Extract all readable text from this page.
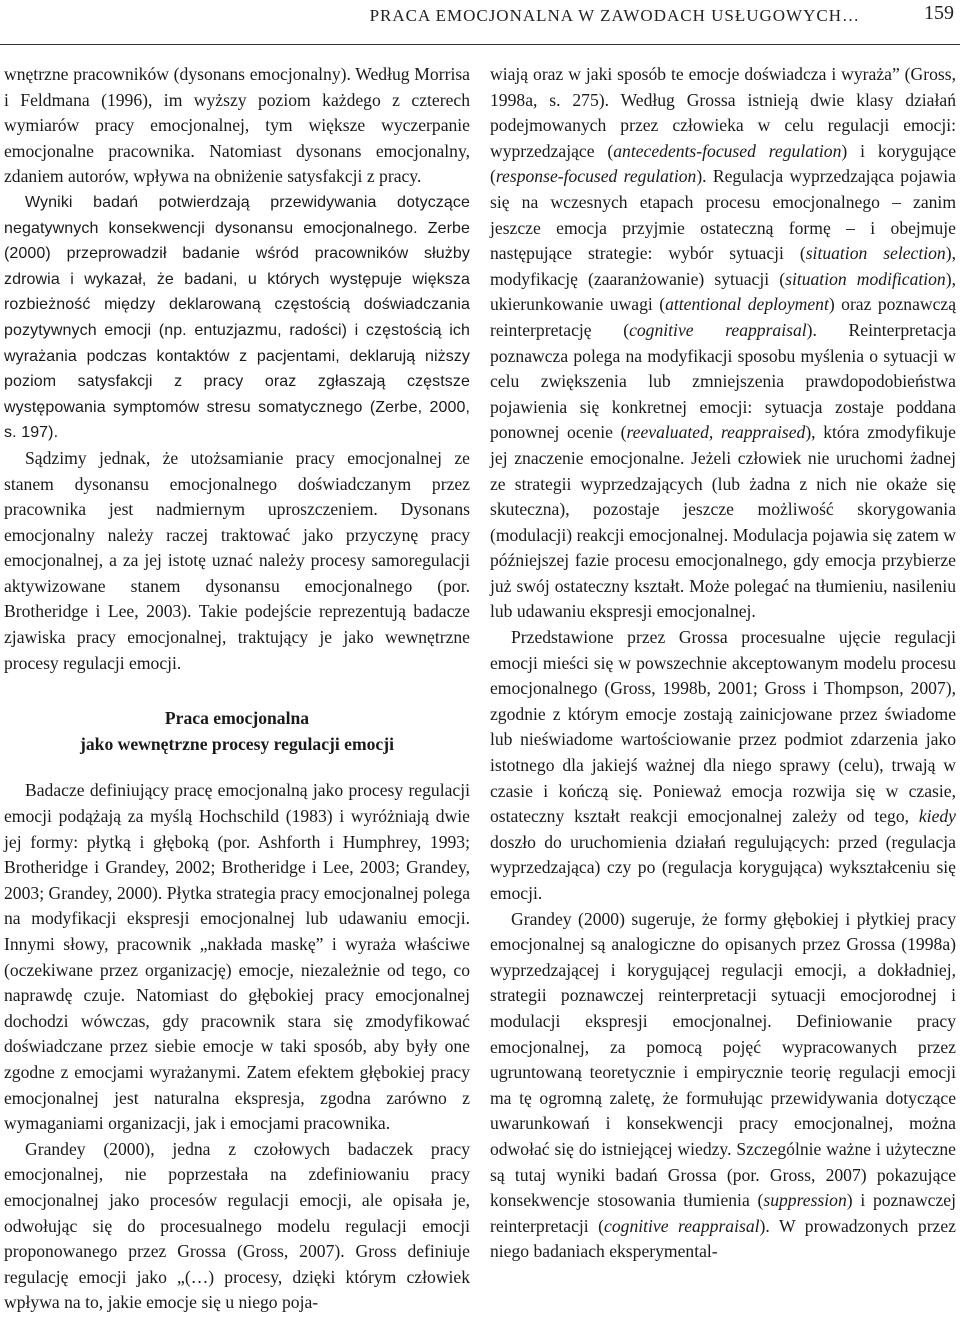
PRACA EMOCJONALNA W ZAWODACH USŁUGOWYCH…	159

wnętrzne pracowników (dysonans emocjonalny). Według Morrisa i Feldmana (1996), im wyższy poziom każdego z czterech wymiarów pracy emocjonalnej, tym większe wyczerpanie emocjonalne pracownika. Natomiast dysonans emocjonalny, zdaniem autorów, wpływa na obniżenie satysfakcji z pracy.

Wyniki badań potwierdzają przewidywania dotyczące negatywnych konsekwencji dysonansu emocjonalnego. Zerbe (2000) przeprowadził badanie wśród pracowników służby zdrowia i wykazał, że badani, u których występuje większa rozbieżność między deklarowaną częstością doświadczania pozytywnych emocji (np. entuzjazmu, radości) i częstością ich wyrażania podczas kontaktów z pacjentami, deklarują niższy poziom satysfakcji z pracy oraz zgłaszają częstsze występowania symptomów stresu somatycznego (Zerbe, 2000, s. 197).

Sądzimy jednak, że utożsamianie pracy emocjonalnej ze stanem dysonansu emocjonalnego doświadczanym przez pracownika jest nadmiernym uproszczeniem. Dysonans emocjonalny należy raczej traktować jako przyczynę pracy emocjonalnej, a za jej istotę uznać należy procesy samoregulacji aktywizowane stanem dysonansu emocjonalnego (por. Brotheridge i Lee, 2003). Takie podejście reprezentują badacze zjawiska pracy emocjonalnej, traktujący je jako wewnętrzne procesy regulacji emocji.

Praca emocjonalna
jako wewnętrzne procesy regulacji emocji

Badacze definiujący pracę emocjonalną jako procesy regulacji emocji podążają za myślą Hochschild (1983) i wyróżniają dwie jej formy: płytką i głęboką (por. Ashforth i Humphrey, 1993; Brotheridge i Grandey, 2002; Brotheridge i Lee, 2003; Grandey, 2003; Grandey, 2000). Płytka strategia pracy emocjonalnej polega na modyfikacji ekspresji emocjonalnej lub udawaniu emocji. Innymi słowy, pracownik „nakłada maskę” i wyraża właściwe (oczekiwane przez organizację) emocje, niezależnie od tego, co naprawdę czuje. Natomiast do głębokiej pracy emocjonalnej dochodzi wówczas, gdy pracownik stara się zmodyfikować doświadczane przez siebie emocje w taki sposób, aby były one zgodne z emocjami wyrażanymi. Zatem efektem głębokiej pracy emocjonalnej jest naturalna ekspresja, zgodna zarówno z wymaganiami organizacji, jak i emocjami pracownika.

Grandey (2000), jedna z czołowych badaczek pracy emocjonalnej, nie poprzestała na zdefiniowaniu pracy emocjonalnej jako procesów regulacji emocji, ale opisała je, odwołując się do procesualnego modelu regulacji emocji proponowanego przez Grossa (Gross, 2007). Gross definiuje regulację emocji jako „(…) procesy, dzięki którym człowiek wpływa na to, jakie emocje się u niego poja-

wiają oraz w jaki sposób te emocje doświadcza i wyraża” (Gross, 1998a, s. 275). Według Grossa istnieją dwie klasy działań podejmowanych przez człowieka w celu regulacji emocji: wyprzedzające (antecedents-focused regulation) i korygujące (response-focused regulation). Regulacja wyprzedzająca pojawia się na wczesnych etapach procesu emocjonalnego – zanim jeszcze emocja przyjmie ostateczną formę – i obejmuje następujące strategie: wybór sytuacji (situation selection), modyfikację (zaaranżowanie) sytuacji (situation modification), ukierunkowanie uwagi (attentional deployment) oraz poznawczą reinterpretację (cognitive reappraisal). Reinterpretacja poznawcza polega na modyfikacji sposobu myślenia o sytuacji w celu zwiększenia lub zmniejszenia prawdopodobieństwa pojawienia się konkretnej emocji: sytuacja zostaje poddana ponownej ocenie (reevaluated, reappraised), która zmodyfikuje jej znaczenie emocjonalne. Jeżeli człowiek nie uruchomi żadnej ze strategii wyprzedzających (lub żadna z nich nie okaże się skuteczna), pozostaje jeszcze możliwość skorygowania (modulacji) reakcji emocjonalnej. Modulacja pojawia się zatem w późniejszej fazie procesu emocjonalnego, gdy emocja przybierze już swój ostateczny kształt. Może polegać na tłumieniu, nasileniu lub udawaniu ekspresji emocjonalnej.

Przedstawione przez Grossa procesualne ujęcie regulacji emocji mieści się w powszechnie akceptowanym modelu procesu emocjonalnego (Gross, 1998b, 2001; Gross i Thompson, 2007), zgodnie z którym emocje zostają zainicjowane przez świadome lub nieświadome wartościowanie przez podmiot zdarzenia jako istotnego dla jakiejś ważnej dla niego sprawy (celu), trwają w czasie i kończą się. Ponieważ emocja rozwija się w czasie, ostateczny kształt reakcji emocjonalnej zależy od tego, kiedy doszło do uruchomienia działań regulujących: przed (regulacja wyprzedzająca) czy po (regulacja korygująca) wykształceniu się emocji.

Grandey (2000) sugeruje, że formy głębokiej i płytkiej pracy emocjonalnej są analogiczne do opisanych przez Grossa (1998a) wyprzedzającej i korygującej regulacji emocji, a dokładniej, strategii poznawczej reinterpretacji sytuacji emocjorodnej i modulacji ekspresji emocjonalnej. Definiowanie pracy emocjonalnej, za pomocą pojęć wypracowanych przez ugruntowaną teoretycznie i empirycznie teorię regulacji emocji ma tę ogromną zaletę, że formułując przewidywania dotyczące uwarunkowań i konsekwencji pracy emocjonalnej, można odwołać się do istniejącej wiedzy. Szczególnie ważne i użyteczne są tutaj wyniki badań Grossa (por. Gross, 2007) pokazujące konsekwencje stosowania tłumienia (suppression) i poznawczej reinterpretacji (cognitive reappraisal). W prowadzonych przez niego badaniach eksperymental-
